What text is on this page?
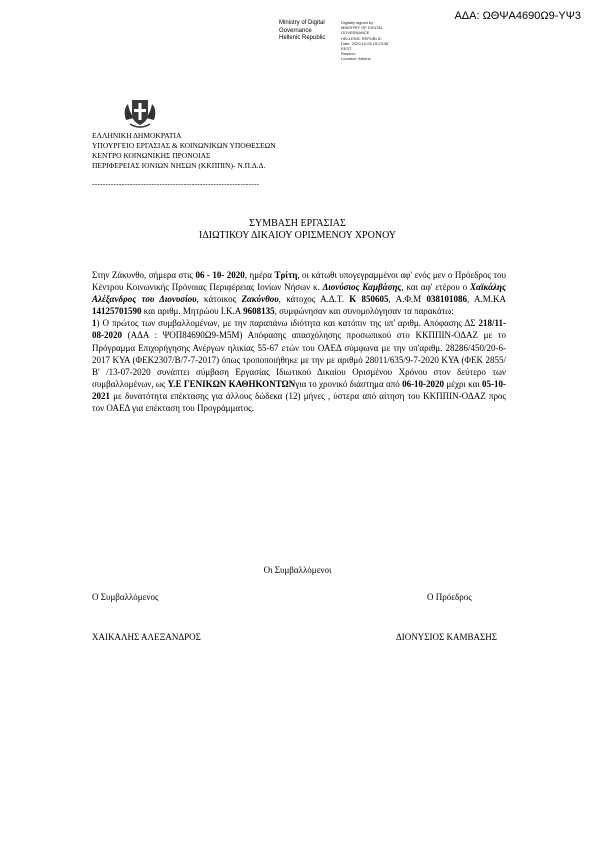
ΑΔΑ: ΩΘΨΑ4690Ω9-ΥΨ3
Ministry of Digital
Governance
Hellenic Republic
Digitally signed by
MINISTRY OF DIGITAL
GOVERNANCE
HELLENIC REPUBLIC
Date: 2020.10.06 15:23:38
EEST
Reason:
Location: Athens
ΕΛΛΗΝΙΚΗ ΔΗΜΟΚΡΑΤΙΑ
ΥΠΟΥΡΓΕΙΟ ΕΡΓΑΣΙΑΣ & ΚΟΙΝΩΝΙΚΩΝ ΥΠΟΘΕΣΕΩΝ
ΚΕΝΤΡΟ ΚΟΙΝΩΝΙΚΗΣ ΠΡΟΝΟΙΑΣ
ΠΕΡΙΦΕΡΕΙΑΣ ΙΟΝΙΩΝ ΝΗΣΩΝ (ΚΚΠΠΙΝ)- Ν.Π.Δ.Δ.
--------------------------------------------------------------
ΣΥΜΒΑΣΗ ΕΡΓΑΣΙΑΣ
ΙΔΙΩΤΙΚΟΥ ΔΙΚΑΙΟΥ ΟΡΙΣΜΕΝΟΥ ΧΡΟΝΟΥ

Στην Ζάκυνθο, σήμερα στις 06 - 10- 2020, ημέρα Τρίτη, οι κάτωθι υπογεγραμμένοι αφ' ενός μεν ο Πρόεδρος του Κέντρου Κοινωνικής Πρόνοιας Περιφέρειας Ιονίων Νήσων κ. Διονύσιος Καμβάσης, και αφ' ετέρου ο Χαϊκάλης Αλέξανδρος του Διονυσίου, κάτοικος Ζακύνθου, κάτοχος Α.Δ.Τ. Κ 850605, Α.Φ.Μ 038101086, Α.Μ.ΚΑ 14125701590 και αριθμ. Μητρώου Ι.Κ.Α 9608135, συμφώνησαν και συνομολόγησαν τα παρακάτω:

1) Ο πρώτος των συμβαλλομένων, με την παραπάνω ιδιότητα και κατόπιν της υπ' αριθμ. Απόφασης ΔΣ 218/11-08-2020 (ΑΔΑ : ΨΟΠ84690Ω9-Μ5Μ) Απόφασης απασχόλησης προσωπικού στο ΚΚΠΠΙΝ-ΟΔΑΖ με το Πρόγραμμα Επιχορήγησης Ανέργων ηλικίας 55-67 ετών του ΟΑΕΔ σύμφωνα με την υπ'αριθμ. 28286/450/20-6-2017 ΚΥΑ (ΦΕΚ2307/Β/7-7-2017) όπως τροποποιήθηκε με την με αριθμό 28011/635/9-7-2020 ΚΥΑ (ΦΕΚ 2855/Β' /13-07-2020 συνάπτει σύμβαση Εργασίας Ιδιωτικού Δικαίου Ορισμένου Χρόνου στον δεύτερο των συμβαλλομένων, ως Υ.Ε ΓΕΝΙΚΩΝ ΚΑΘΗΚΟΝΤΩΝγια το χρονικό διάστημα από 06-10-2020 μέχρι και 05-10-2021 με δυνατότητα επέκτασης για άλλους δώδεκα (12) μήνες , ύστερα από αίτηση του ΚΚΠΠΙΝ-ΟΔΑΖ προς τον ΟΑΕΔ για επέκταση του Προγράμματος.

Οι Συμβαλλόμενοι
Ο Συμβαλλόμενος	Ο Πρόεδρος
ΧΑΙΚΑΛΗΣ ΑΛΕΞΑΝΔΡΟΣ	ΔΙΟΝΥΣΙΟΣ ΚΑΜΒΑΣΗΣ
